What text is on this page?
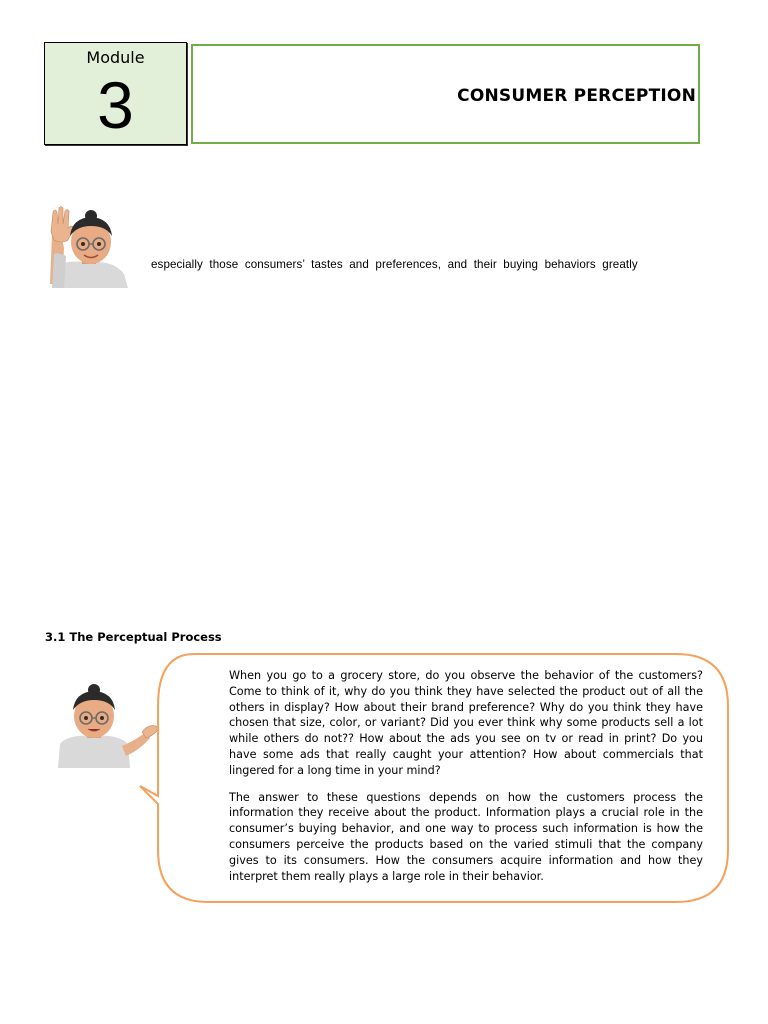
Module
3	CONSUMER PERCEPTION
especially those consumers’ tastes and preferences, and their buying behaviors greatly
3.1 The Perceptual Process

When you go to a grocery store, do you observe the behavior of the customers? Come to think of it, why do you think they have selected the product out of all the others in display? How about their brand preference? Why do you think they have chosen that size, color, or variant? Did you ever think why some products sell a lot while others do not?? How about the ads you see on tv or read in print? Do you have some ads that really caught your attention? How about commercials that lingered for a long time in your mind?

The answer to these questions depends on how the customers process the information they receive about the product. Information plays a crucial role in the consumer’s buying behavior, and one way to process such information is how the consumers perceive the products based on the varied stimuli that the company gives to its consumers. How the consumers acquire information and how they interpret them really plays a large role in their behavior.
